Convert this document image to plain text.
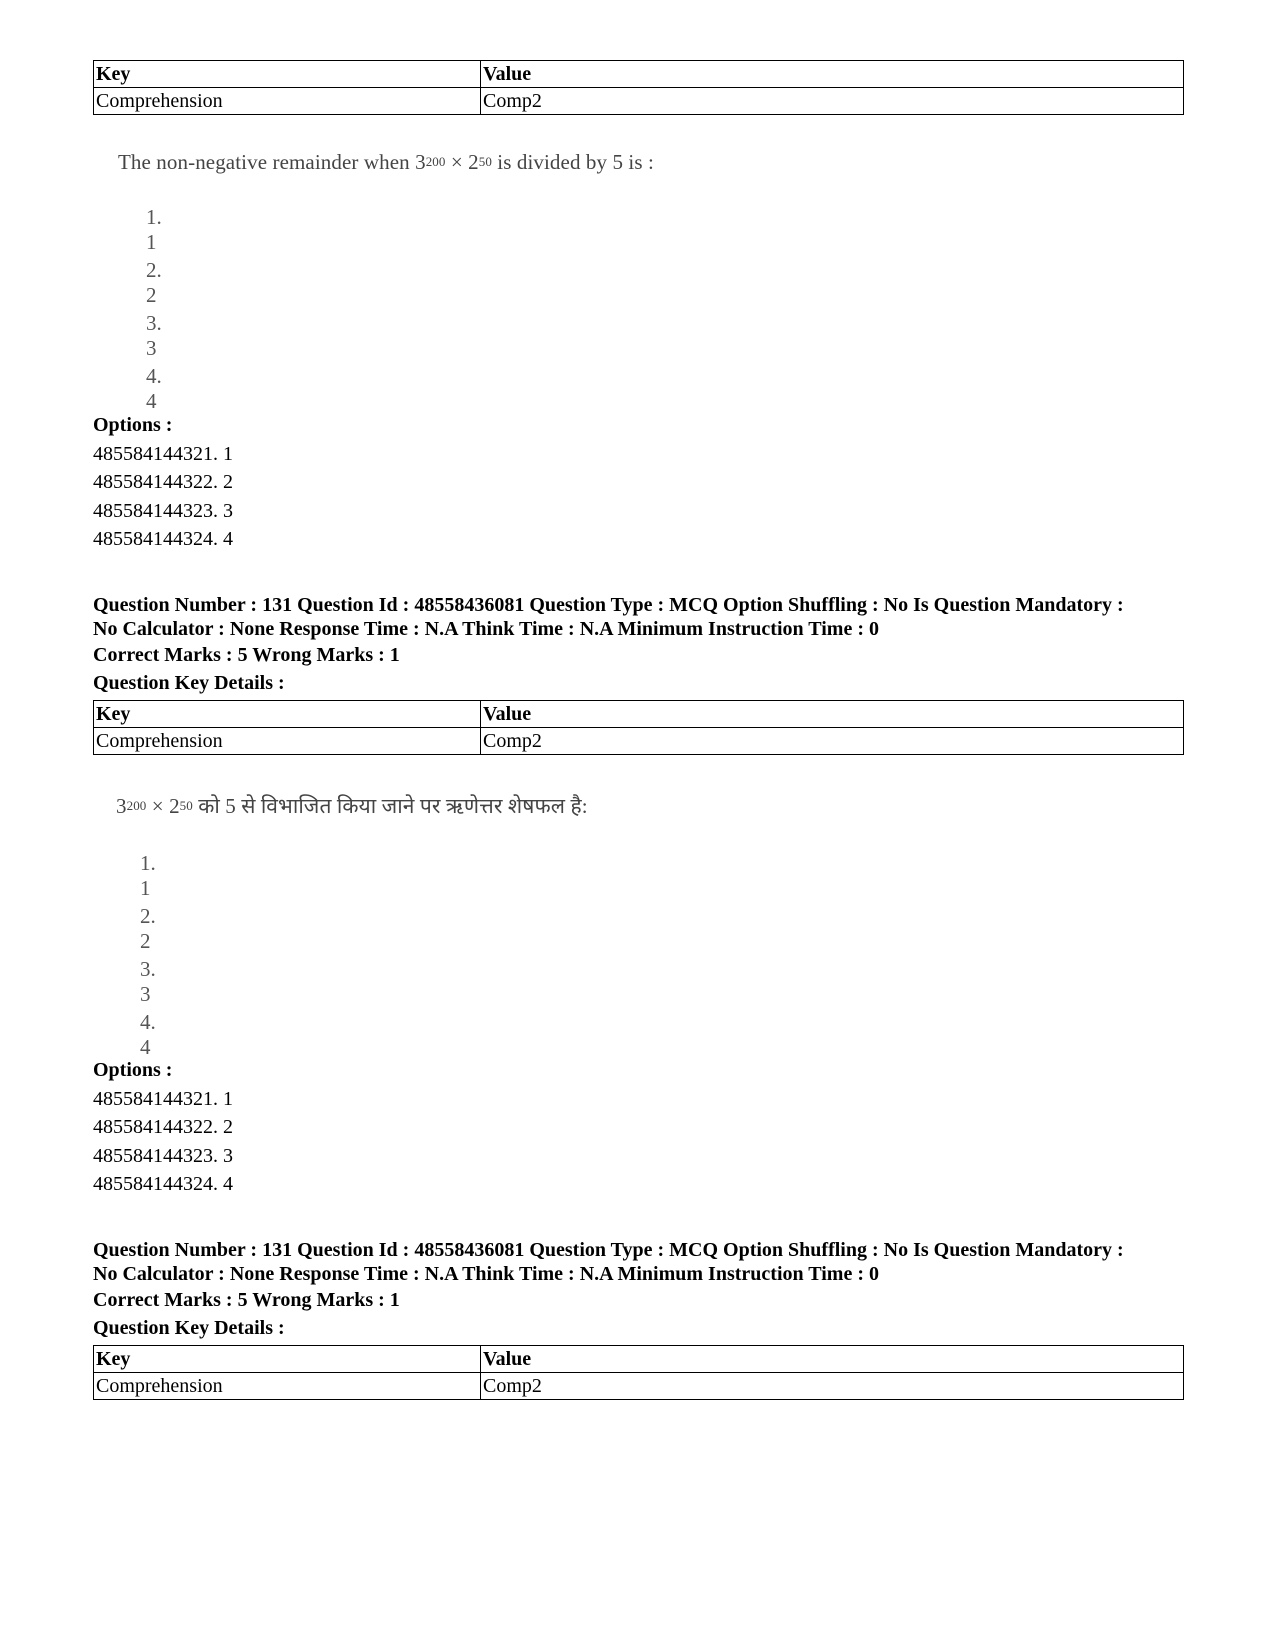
Key	Value
Comprehension	Comp2
The non-negative remainder when $3^{200} \times 2^{50}$ is divided by 5 is :
1. 1
2. 2
3. 3
4. 4
Options :
485584144321. 1
485584144322. 2
485584144323. 3
485584144324. 4
Question Number : 131 Question Id : 48558436081 Question Type : MCQ Option Shuffling : No Is Question Mandatory :
No Calculator : None Response Time : N.A Think Time : N.A Minimum Instruction Time : 0
Correct Marks : 5 Wrong Marks : 1
Question Key Details :
Key	Value
Comprehension	Comp2
$3^{200} \times 2^{50}$ को 5 से विभाजित किया जाने पर ऋणेत्तर शेषफल है:
1. 1
2. 2
3. 3
4. 4
Options :
485584144321. 1
485584144322. 2
485584144323. 3
485584144324. 4
Question Number : 131 Question Id : 48558436081 Question Type : MCQ Option Shuffling : No Is Question Mandatory :
No Calculator : None Response Time : N.A Think Time : N.A Minimum Instruction Time : 0
Correct Marks : 5 Wrong Marks : 1
Question Key Details :
Key	Value
Comprehension	Comp2
